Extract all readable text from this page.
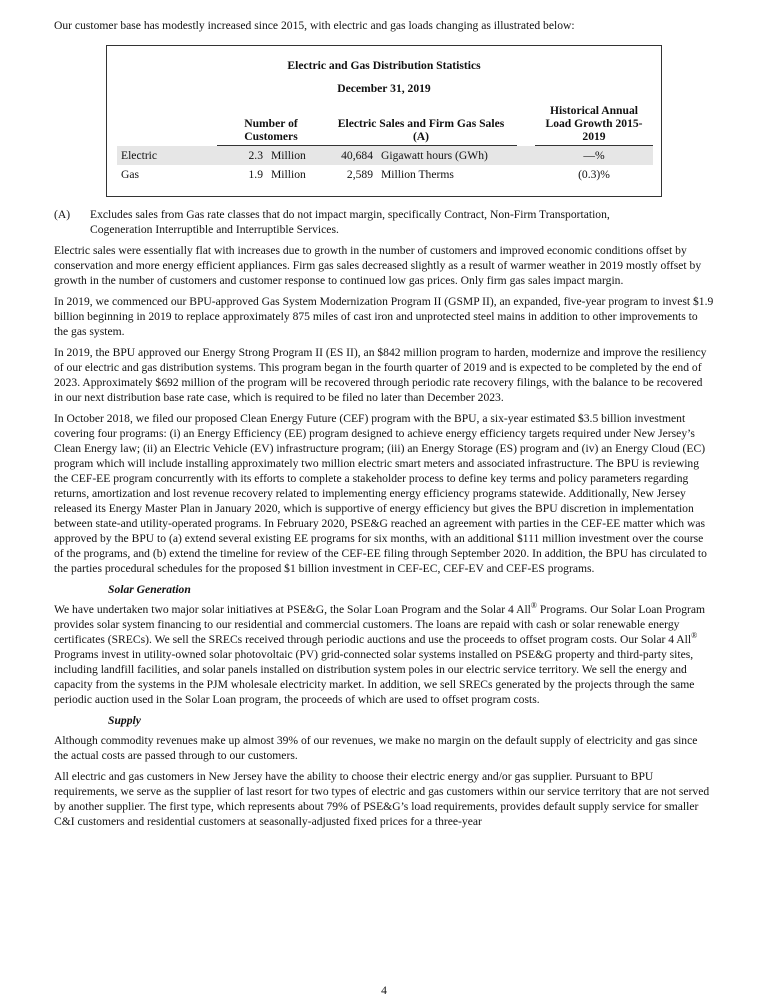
Our customer base has modestly increased since 2015, with electric and gas loads changing as illustrated below:

Electric and Gas Distribution Statistics
December 31, 2019
	Number of Customers		Electric Sales and Firm Gas Sales (A)			Historical Annual Load Growth 2015-2019
Electric	2.3	Million	40,684	Gigawatt hours (GWh)		—%
Gas	1.9	Million	2,589	Million Therms		(0.3)%
(A)	Excludes sales from Gas rate classes that do not impact margin, specifically Contract, Non-Firm Transportation, Cogeneration Interruptible and Interruptible Services.

Electric sales were essentially flat with increases due to growth in the number of customers and improved economic conditions offset by conservation and more energy efficient appliances. Firm gas sales decreased slightly as a result of warmer weather in 2019 mostly offset by growth in the number of customers and customer response to continued low gas prices. Only firm gas sales impact margin.

In 2019, we commenced our BPU-approved Gas System Modernization Program II (GSMP II), an expanded, five-year program to invest $1.9 billion beginning in 2019 to replace approximately 875 miles of cast iron and unprotected steel mains in addition to other improvements to the gas system.

In 2019, the BPU approved our Energy Strong Program II (ES II), an $842 million program to harden, modernize and improve the resiliency of our electric and gas distribution systems. This program began in the fourth quarter of 2019 and is expected to be completed by the end of 2023. Approximately $692 million of the program will be recovered through periodic rate recovery filings, with the balance to be recovered in our next distribution base rate case, which is required to be filed no later than December 2023.

In October 2018, we filed our proposed Clean Energy Future (CEF) program with the BPU, a six-year estimated $3.5 billion investment covering four programs: (i) an Energy Efficiency (EE) program designed to achieve energy efficiency targets required under New Jersey’s Clean Energy law; (ii) an Electric Vehicle (EV) infrastructure program; (iii) an Energy Storage (ES) program and (iv) an Energy Cloud (EC) program which will include installing approximately two million electric smart meters and associated infrastructure. The BPU is reviewing the CEF-EE program concurrently with its efforts to complete a stakeholder process to define key terms and policy parameters regarding returns, amortization and lost revenue recovery related to implementing energy efficiency programs statewide. Additionally, New Jersey released its Energy Master Plan in January 2020, which is supportive of energy efficiency but gives the BPU discretion in implementation between state-and utility-operated programs. In February 2020, PSE&G reached an agreement with parties in the CEF-EE matter which was approved by the BPU to (a) extend several existing EE programs for six months, with an additional $111 million investment over the course of the programs, and (b) extend the timeline for review of the CEF-EE filing through September 2020. In addition, the BPU has circulated to the parties procedural schedules for the proposed $1 billion investment in CEF-EC, CEF-EV and CEF-ES programs.

Solar Generation

We have undertaken two major solar initiatives at PSE&G, the Solar Loan Program and the Solar 4 All® Programs. Our Solar Loan Program provides solar system financing to our residential and commercial customers. The loans are repaid with cash or solar renewable energy certificates (SRECs). We sell the SRECs received through periodic auctions and use the proceeds to offset program costs. Our Solar 4 All® Programs invest in utility-owned solar photovoltaic (PV) grid-connected solar systems installed on PSE&G property and third-party sites, including landfill facilities, and solar panels installed on distribution system poles in our electric service territory. We sell the energy and capacity from the systems in the PJM wholesale electricity market. In addition, we sell SRECs generated by the projects through the same periodic auction used in the Solar Loan program, the proceeds of which are used to offset program costs.

Supply

Although commodity revenues make up almost 39% of our revenues, we make no margin on the default supply of electricity and gas since the actual costs are passed through to our customers.

All electric and gas customers in New Jersey have the ability to choose their electric energy and/or gas supplier. Pursuant to BPU requirements, we serve as the supplier of last resort for two types of electric and gas customers within our service territory that are not served by another supplier. The first type, which represents about 79% of PSE&G’s load requirements, provides default supply service for smaller C&I customers and residential customers at seasonally-adjusted fixed prices for a three-year

4
